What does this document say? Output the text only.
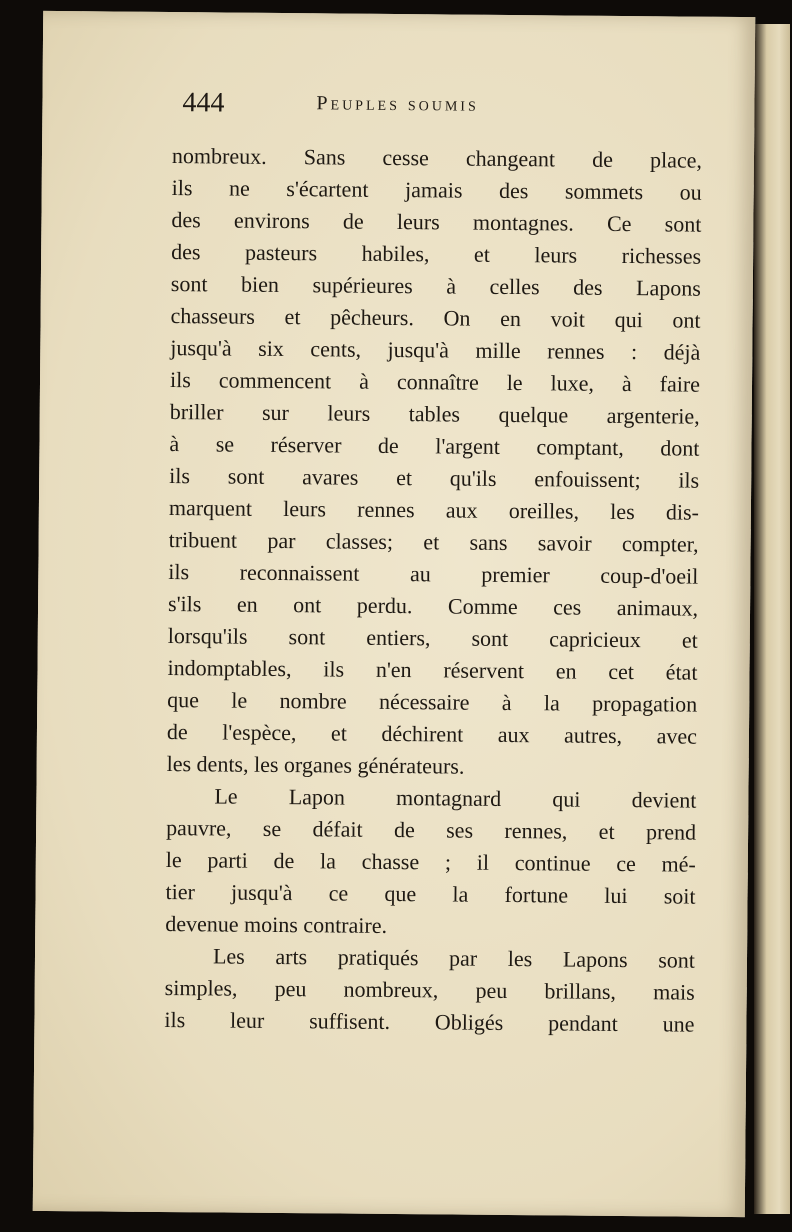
444	Peuples soumis
nombreux. Sans cesse changeant de place,
ils ne s'écartent jamais des sommets ou
des environs de leurs montagnes. Ce sont
des pasteurs habiles, et leurs richesses
sont bien supérieures à celles des Lapons
chasseurs et pêcheurs. On en voit qui ont
jusqu'à six cents, jusqu'à mille rennes : déjà
ils commencent à connaître le luxe, à faire
briller sur leurs tables quelque argenterie,
à se réserver de l'argent comptant, dont
ils sont avares et qu'ils enfouissent; ils
marquent leurs rennes aux oreilles, les dis-
tribuent par classes; et sans savoir compter,
ils reconnaissent au premier coup-d'oeil
s'ils en ont perdu. Comme ces animaux,
lorsqu'ils sont entiers, sont capricieux et
indomptables, ils n'en réservent en cet état
que le nombre nécessaire à la propagation
de l'espèce, et déchirent aux autres, avec
les dents, les organes générateurs.
Le Lapon montagnard qui devient
pauvre, se défait de ses rennes, et prend
le parti de la chasse ; il continue ce mé-
tier jusqu'à ce que la fortune lui soit
devenue moins contraire.
Les arts pratiqués par les Lapons sont
simples, peu nombreux, peu brillans, mais
ils leur suffisent. Obligés pendant une
